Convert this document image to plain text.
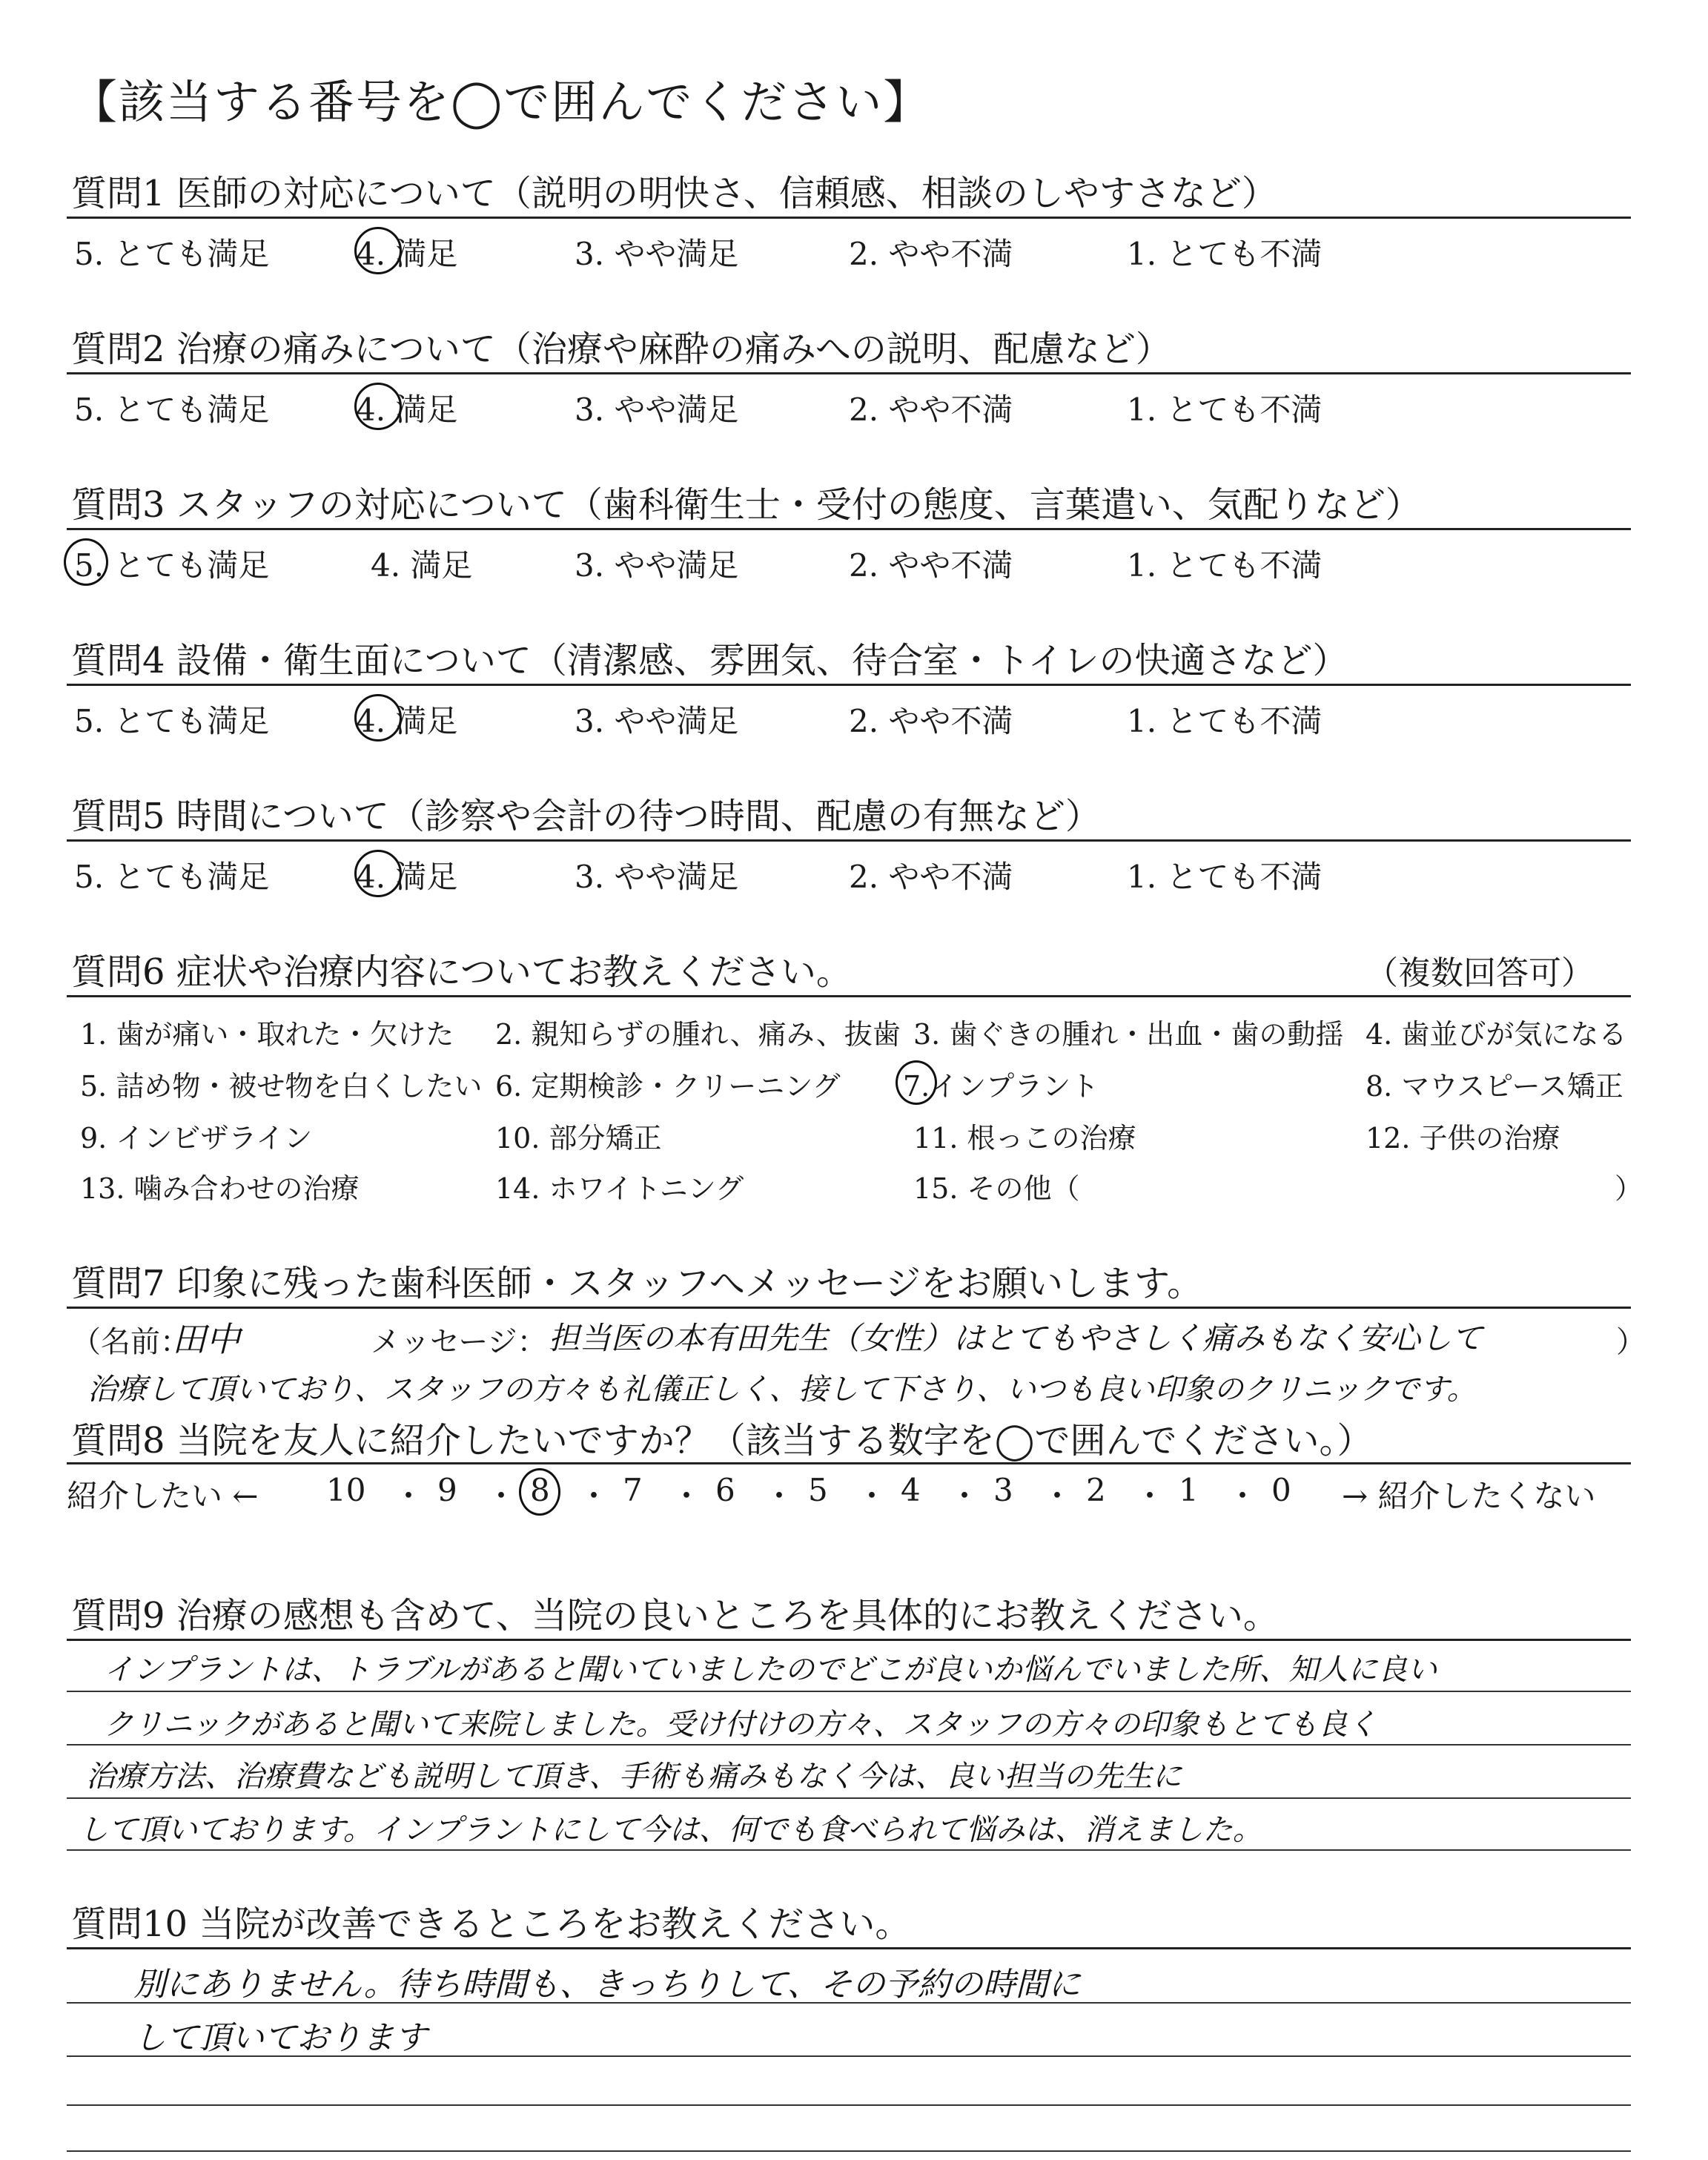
【該当する番号を◯で囲んでください】
質問1 医師の対応について（説明の明快さ、信頼感、相談のしやすさなど）
5. とても満足	4. 満足	3. やや満足	2. やや不満	1. とても不満
質問2 治療の痛みについて（治療や麻酔の痛みへの説明、配慮など）
5. とても満足	4. 満足	3. やや満足	2. やや不満	1. とても不満
質問3 スタッフの対応について（歯科衛生士・受付の態度、言葉遣い、気配りなど）
5. とても満足	4. 満足	3. やや満足	2. やや不満	1. とても不満
質問4 設備・衛生面について（清潔感、雰囲気、待合室・トイレの快適さなど）
5. とても満足	4. 満足	3. やや満足	2. やや不満	1. とても不満
質問5 時間について（診察や会計の待つ時間、配慮の有無など）
5. とても満足	4. 満足	3. やや満足	2. やや不満	1. とても不満
質問6 症状や治療内容についてお教えください。	（複数回答可）
1. 歯が痛い・取れた・欠けた 2. 親知らずの腫れ、痛み、抜歯 3. 歯ぐきの腫れ・出血・歯の動揺 4. 歯並びが気になる
5. 詰め物・被せ物を白くしたい 6. 定期検診・クリーニング 7.インプラント	8. マウスピース矯正
9. インビザライン	10. 部分矯正	11. 根っこの治療	12. 子供の治療
13. 噛み合わせの治療	14. ホワイトニング	15. その他（	）
質問7 印象に残った歯科医師・スタッフへメッセージをお願いします。
（名前：
田中	メッセージ： 担当医の本有田先生（女性）はとてもやさしく痛みもなく安心して	）
治療して頂いており、スタッフの方々も礼儀正しく、接して下さり、いつも良い印象のクリニックです。
質問8 当院を友人に紹介したいですか？（該当する数字を◯で囲んでください。）
紹介したい ← 10 ・ 9 ・ 8 ・ 7 ・ 6 ・ 5 ・ 4 ・ 3 ・ 2 ・ 1 ・ 0 → 紹介したくない
質問9 治療の感想も含めて、当院の良いところを具体的にお教えください。
インプラントは、トラブルがあると聞いていましたのでどこが良いか悩んでいました所、知人に良い
クリニックがあると聞いて来院しました。受け付けの方々、スタッフの方々の印象もとても良く
治療方法、治療費なども説明して頂き、手術も痛みもなく今は、良い担当の先生に
して頂いております。インプラントにして今は、何でも食べられて悩みは、消えました。
質問10 当院が改善できるところをお教えください。
別にありません。待ち時間も、きっちりして、その予約の時間に
して頂いております
